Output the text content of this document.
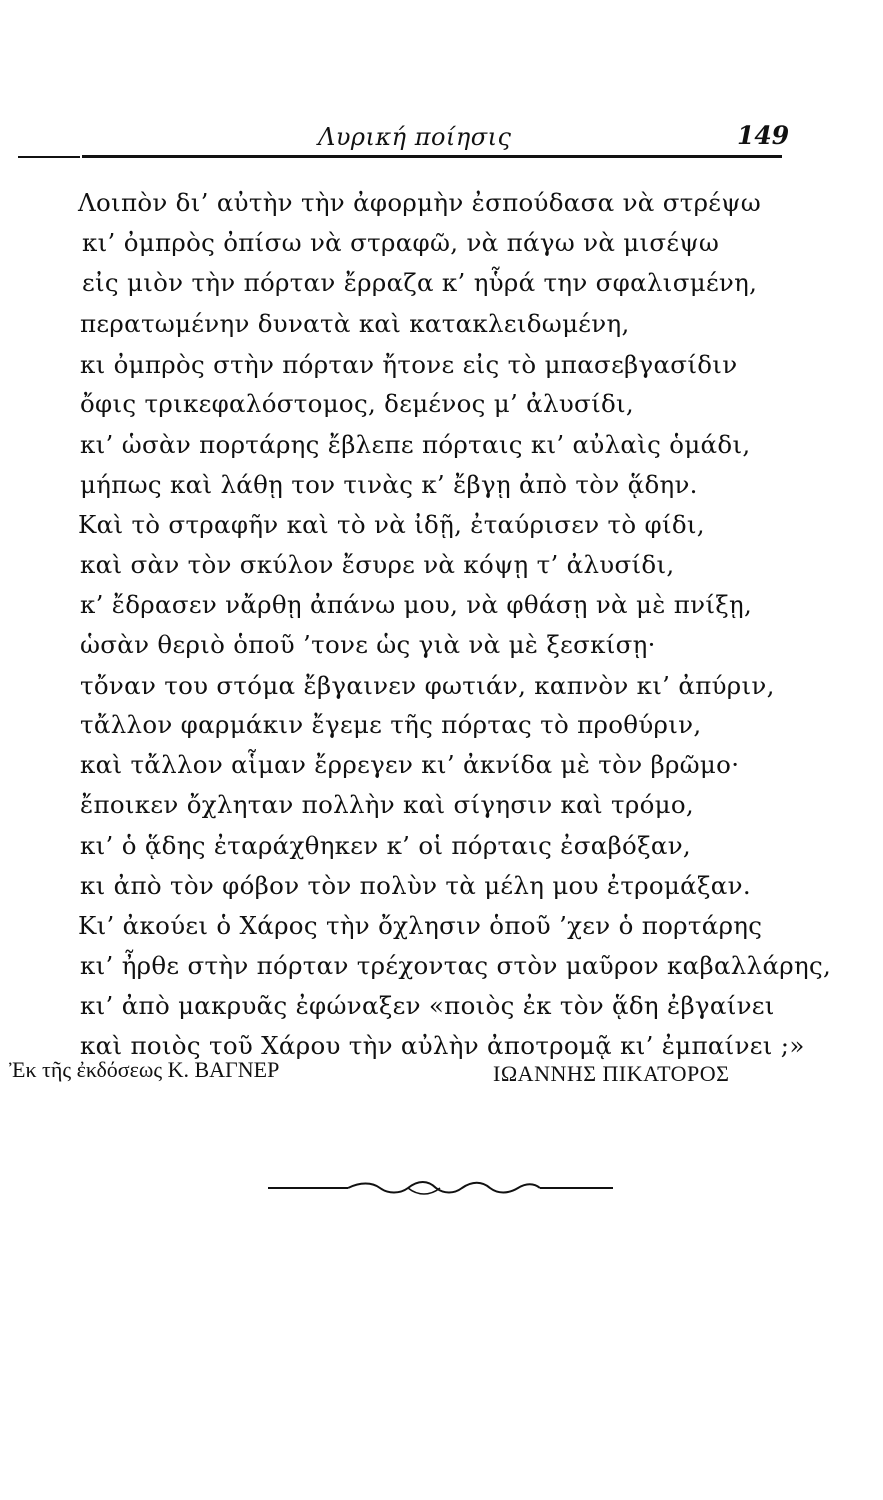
Λυρική ποίησις	149
Λοιπὸν δι’ αὐτὴν τὴν ἀφορμὴν ἐσπούδασα νὰ στρέψω
κι’ ὀμπρὸς ὀπίσω νὰ στραφῶ, νὰ πάγω νὰ μισέψω
εἰς μιὸν τὴν πόρταν ἔρραζα κ’ ηὗρά την σφαλισμένη,
περατωμένην δυνατὰ καὶ κατακλειδωμένη,
κι ὀμπρὸς στὴν πόρταν ἤτονε εἰς τὸ μπασεβγασίδιν
ὄφις τρικεφαλόστομος, δεμένος μ’ ἀλυσίδι,
κι’ ὡσὰν πορτάρης ἔβλεπε πόρταις κι’ αὐλαὶς ὁμάδι,
μήπως καὶ λάθῃ τον τινὰς κ’ ἔβγῃ ἀπὸ τὸν ᾅδην.
Καὶ τὸ στραφῆν καὶ τὸ νὰ ἰδῇ, ἐταύρισεν τὸ φίδι,
καὶ σὰν τὸν σκύλον ἔσυρε νὰ κόψῃ τ’ ἀλυσίδι,
κ’ ἔδρασεν νἄρθῃ ἀπάνω μου, νὰ φθάσῃ νὰ μὲ πνίξῃ,
ὡσὰν θεριὸ ὁποῦ ’τονε ὡς γιὰ νὰ μὲ ξεσκίσῃ·
τὄναν του στόμα ἔβγαινεν φωτιάν, καπνὸν κι’ ἀπύριν,
τἄλλον φαρμάκιν ἔγεμε τῆς πόρτας τὸ προθύριν,
καὶ τἄλλον αἷμαν ἔρρεγεν κι’ ἀκνίδα μὲ τὸν βρῶμο·
ἔποικεν ὄχληταν πολλὴν καὶ σίγησιν καὶ τρόμο,
κι’ ὁ ᾅδης ἐταράχθηκεν κ’ οἱ πόρταις ἐσαβόξαν,
κι ἀπὸ τὸν φόβον τὸν πολὺν τὰ μέλη μου ἐτρομάξαν.
Κι’ ἀκούει ὁ Χάρος τὴν ὄχλησιν ὁποῦ ’χεν ὁ πορτάρης
κι’ ἦρθε στὴν πόρταν τρέχοντας στὸν μαῦρον καβαλλάρης,
κι’ ἀπὸ μακρυᾶς ἐφώναξεν «ποιὸς ἐκ τὸν ᾅδη ἐβγαίνει
καὶ ποιὸς τοῦ Χάρου τὴν αὐλὴν ἀποτρομᾷ κι’ ἐμπαίνει ;»
Ἐκ τῆς ἐκδόσεως Κ. ΒΑΓΝΕΡ	ΙΩΑΝΝΗΣ ΠΙΚΑΤΟΡΟΣ
